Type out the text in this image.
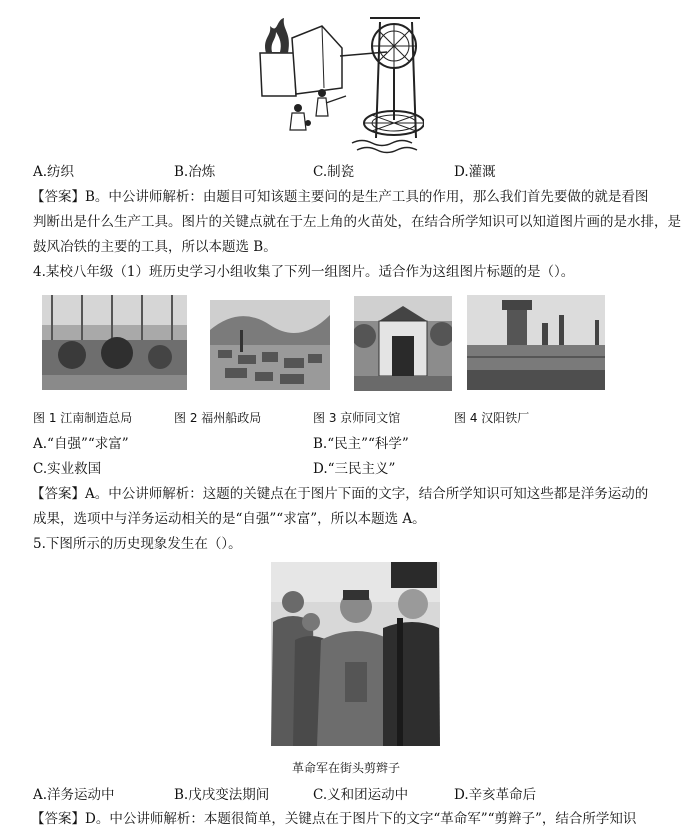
A.纺织	B.冶炼	C.制瓷	D.灌溉
【答案】B。中公讲师解析：由题目可知该题主要问的是生产工具的作用，那么我们首先要做的就是看图
判断出是什么生产工具。图片的关键点就在于左上角的火苗处，在结合所学知识可以知道图片画的是水排，是
鼓风冶铁的主要的工具，所以本题选 B。
4.某校八年级（1）班历史学习小组收集了下列一组图片。适合作为这组图片标题的是（）。
图 1 江南制造总局	图 2 福州船政局	图 3 京师同文馆	图 4 汉阳铁厂
A.“自强”“求富”	B.“民主”“科学”
C.实业救国	D.“三民主义”
【答案】A。中公讲师解析：这题的关键点在于图片下面的文字，结合所学知识可知这些都是洋务运动的
成果，选项中与洋务运动相关的是“自强”“求富”，所以本题选 A。
5.下图所示的历史现象发生在（）。
革命军在街头剪辫子
A.洋务运动中	B.戊戌变法期间	C.义和团运动中	D.辛亥革命后
【答案】D。中公讲师解析：本题很简单，关键点在于图片下的文字“革命军”“剪辫子”，结合所学知识
